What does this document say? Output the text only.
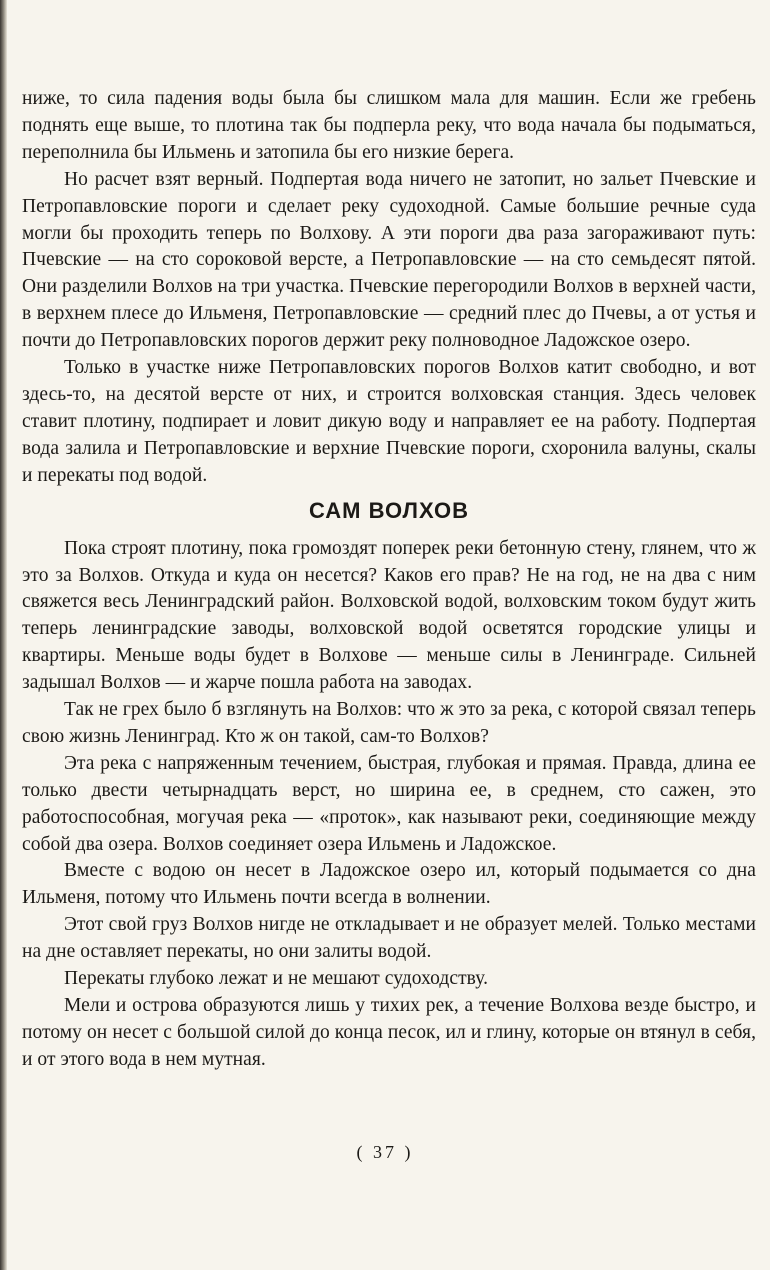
ниже, то сила падения воды была бы слишком мала для машин. Если же гребень поднять еще выше, то плотина так бы подперла реку, что вода начала бы подыматься, переполнила бы Ильмень и затопила бы его низкие берега.

Но расчет взят верный. Подпертая вода ничего не затопит, но зальет Пчевские и Петропавловские пороги и сделает реку судоходной. Самые большие речные суда могли бы проходить теперь по Волхову. А эти пороги два раза загораживают путь: Пчевские — на сто сороковой версте, а Петропавловские — на сто семьдесят пятой. Они разделили Волхов на три участка. Пчевские перегородили Волхов в верхней части, в верхнем плесе до Ильменя, Петропавловские — средний плес до Пчевы, а от устья и почти до Петропавловских порогов держит реку полноводное Ладожское озеро.

Только в участке ниже Петропавловских порогов Волхов катит свободно, и вот здесь-то, на десятой версте от них, и строится волховская станция. Здесь человек ставит плотину, подпирает и ловит дикую воду и направляет ее на работу. Подпертая вода залила и Петропавловские и верхние Пчевские пороги, схоронила валуны, скалы и перекаты под водой.

САМ ВОЛХОВ

Пока строят плотину, пока громоздят поперек реки бетонную стену, глянем, что ж это за Волхов. Откуда и куда он несется? Каков его прав? Не на год, не на два с ним свяжется весь Ленинградский район. Волховской водой, волховским током будут жить теперь ленинградские заводы, волховской водой осветятся городские улицы и квартиры. Меньше воды будет в Волхове — меньше силы в Ленинграде. Сильней задышал Волхов — и жарче пошла работа на заводах.

Так не грех было б взглянуть на Волхов: что ж это за река, с которой связал теперь свою жизнь Ленинград. Кто ж он такой, сам-то Волхов?

Эта река с напряженным течением, быстрая, глубокая и прямая. Правда, длина ее только двести четырнадцать верст, но ширина ее, в среднем, сто сажен, это работоспособная, могучая река — «проток», как называют реки, соединяющие между собой два озера. Волхов соединяет озера Ильмень и Ладожское.

Вместе с водою он несет в Ладожское озеро ил, который подымается со дна Ильменя, потому что Ильмень почти всегда в волнении.

Этот свой груз Волхов нигде не откладывает и не образует мелей. Только местами на дне оставляет перекаты, но они залиты водой.

Перекаты глубоко лежат и не мешают судоходству.

Мели и острова образуются лишь у тихих рек, а течение Волхова везде быстро, и потому он несет с большой силой до конца песок, ил и глину, которые он втянул в себя, и от этого вода в нем мутная.

( 37 )
